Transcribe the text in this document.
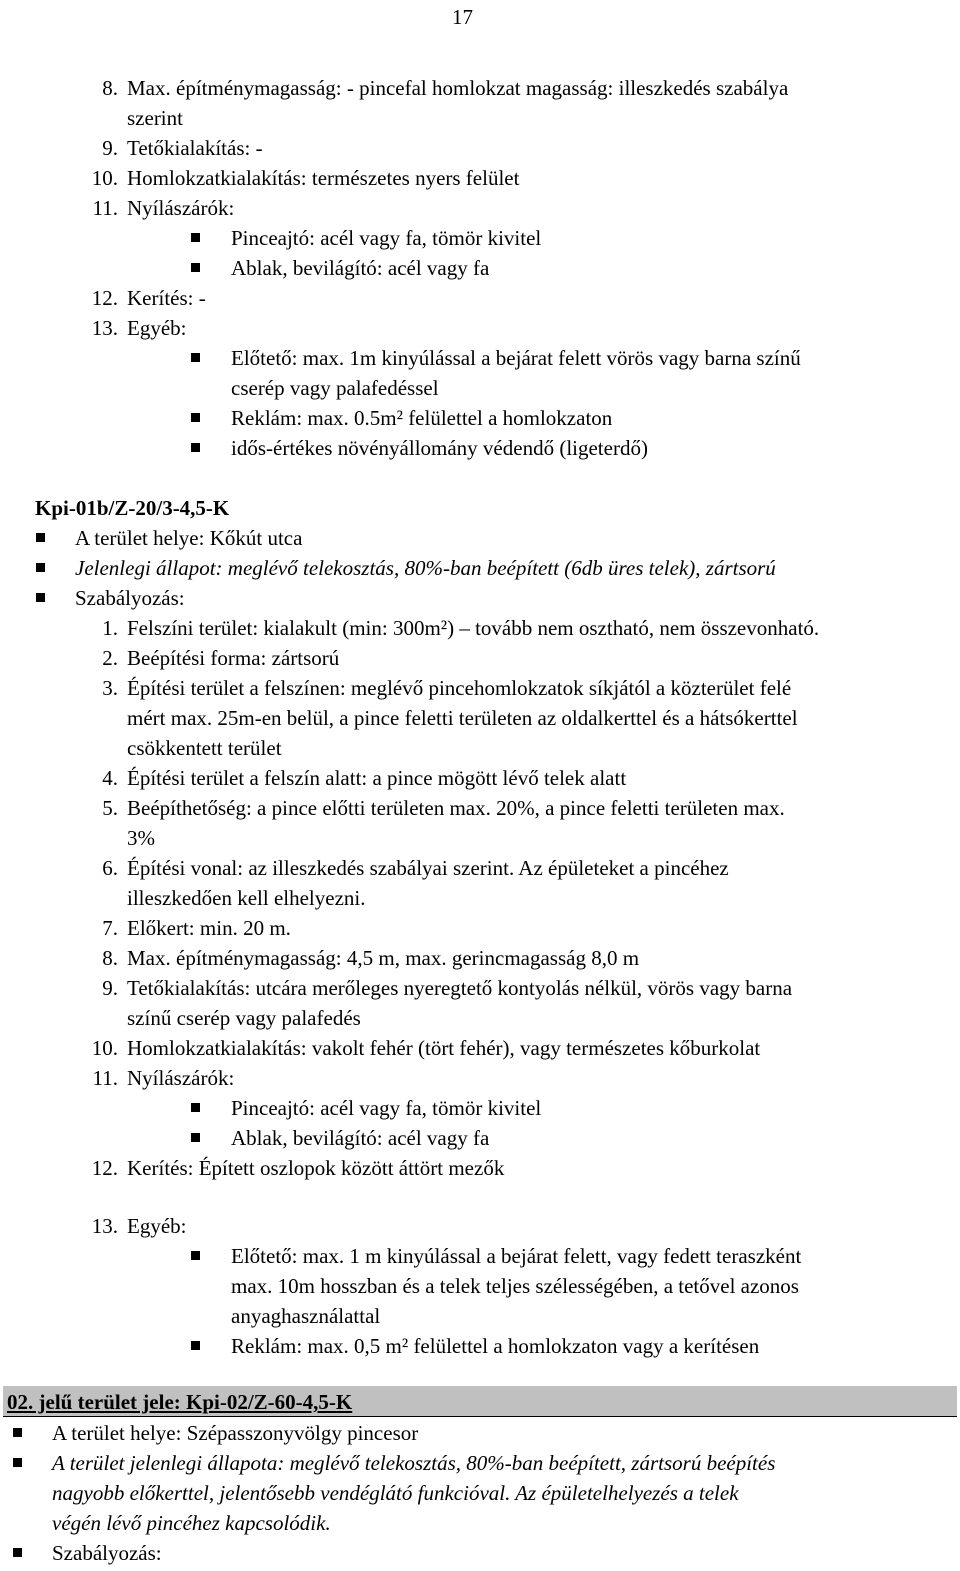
17
8. Max. építménymagasság: - pincefal homlokzat magasság: illeszkedés szabálya
szerint
9. Tetőkialakítás: -
10. Homlokzatkialakítás: természetes nyers felület
11. Nyílászárók:
Pinceajtó: acél vagy fa, tömör kivitel
Ablak, bevilágító: acél vagy fa
12. Kerítés: -
13. Egyéb:
Előtető: max. 1m kinyúlással a bejárat felett vörös vagy barna színű
cserép vagy palafedéssel
Reklám: max. 0.5m² felülettel a homlokzaton
idős-értékes növényállomány védendő (ligeterdő)
Kpi-01b/Z-20/3-4,5-K
A terület helye: Kőkút utca
Jelenlegi állapot: meglévő telekosztás, 80%-ban beépített (6db üres telek), zártsorú
Szabályozás:
1. Felszíni terület: kialakult (min: 300m²) – tovább nem osztható, nem összevonható.
2. Beépítési forma: zártsorú
3. Építési terület a felszínen: meglévő pincehomlokzatok síkjától a közterület felé
mért max. 25m-en belül, a pince feletti területen az oldalkerttel és a hátsókerttel
csökkentett terület
4. Építési terület a felszín alatt: a pince mögött lévő telek alatt
5. Beépíthetőség: a pince előtti területen max. 20%, a pince feletti területen max.
3%
6. Építési vonal: az illeszkedés szabályai szerint. Az épületeket a pincéhez
illeszkedően kell elhelyezni.
7. Előkert: min. 20 m.
8. Max. építménymagasság: 4,5 m, max. gerincmagasság 8,0 m
9. Tetőkialakítás: utcára merőleges nyeregtető kontyolás nélkül, vörös vagy barna
színű cserép vagy palafedés
10. Homlokzatkialakítás: vakolt fehér (tört fehér), vagy természetes kőburkolat
11. Nyílászárók:
Pinceajtó: acél vagy fa, tömör kivitel
Ablak, bevilágító: acél vagy fa
12. Kerítés: Épített oszlopok között áttört mezők
13. Egyéb:
Előtető: max. 1 m kinyúlással a bejárat felett, vagy fedett teraszként
max. 10m hosszban és a telek teljes szélességében, a tetővel azonos
anyaghasználattal
Reklám: max. 0,5 m² felülettel a homlokzaton vagy a kerítésen
02. jelű terület jele: Kpi-02/Z-60-4,5-K
A terület helye: Szépasszonyvölgy pincesor
A terület jelenlegi állapota: meglévő telekosztás, 80%-ban beépített, zártsorú beépítés
nagyobb előkerttel, jelentősebb vendéglátó funkcióval. Az épületelhelyezés a telek
végén lévő pincéhez kapcsolódik.
Szabályozás:
